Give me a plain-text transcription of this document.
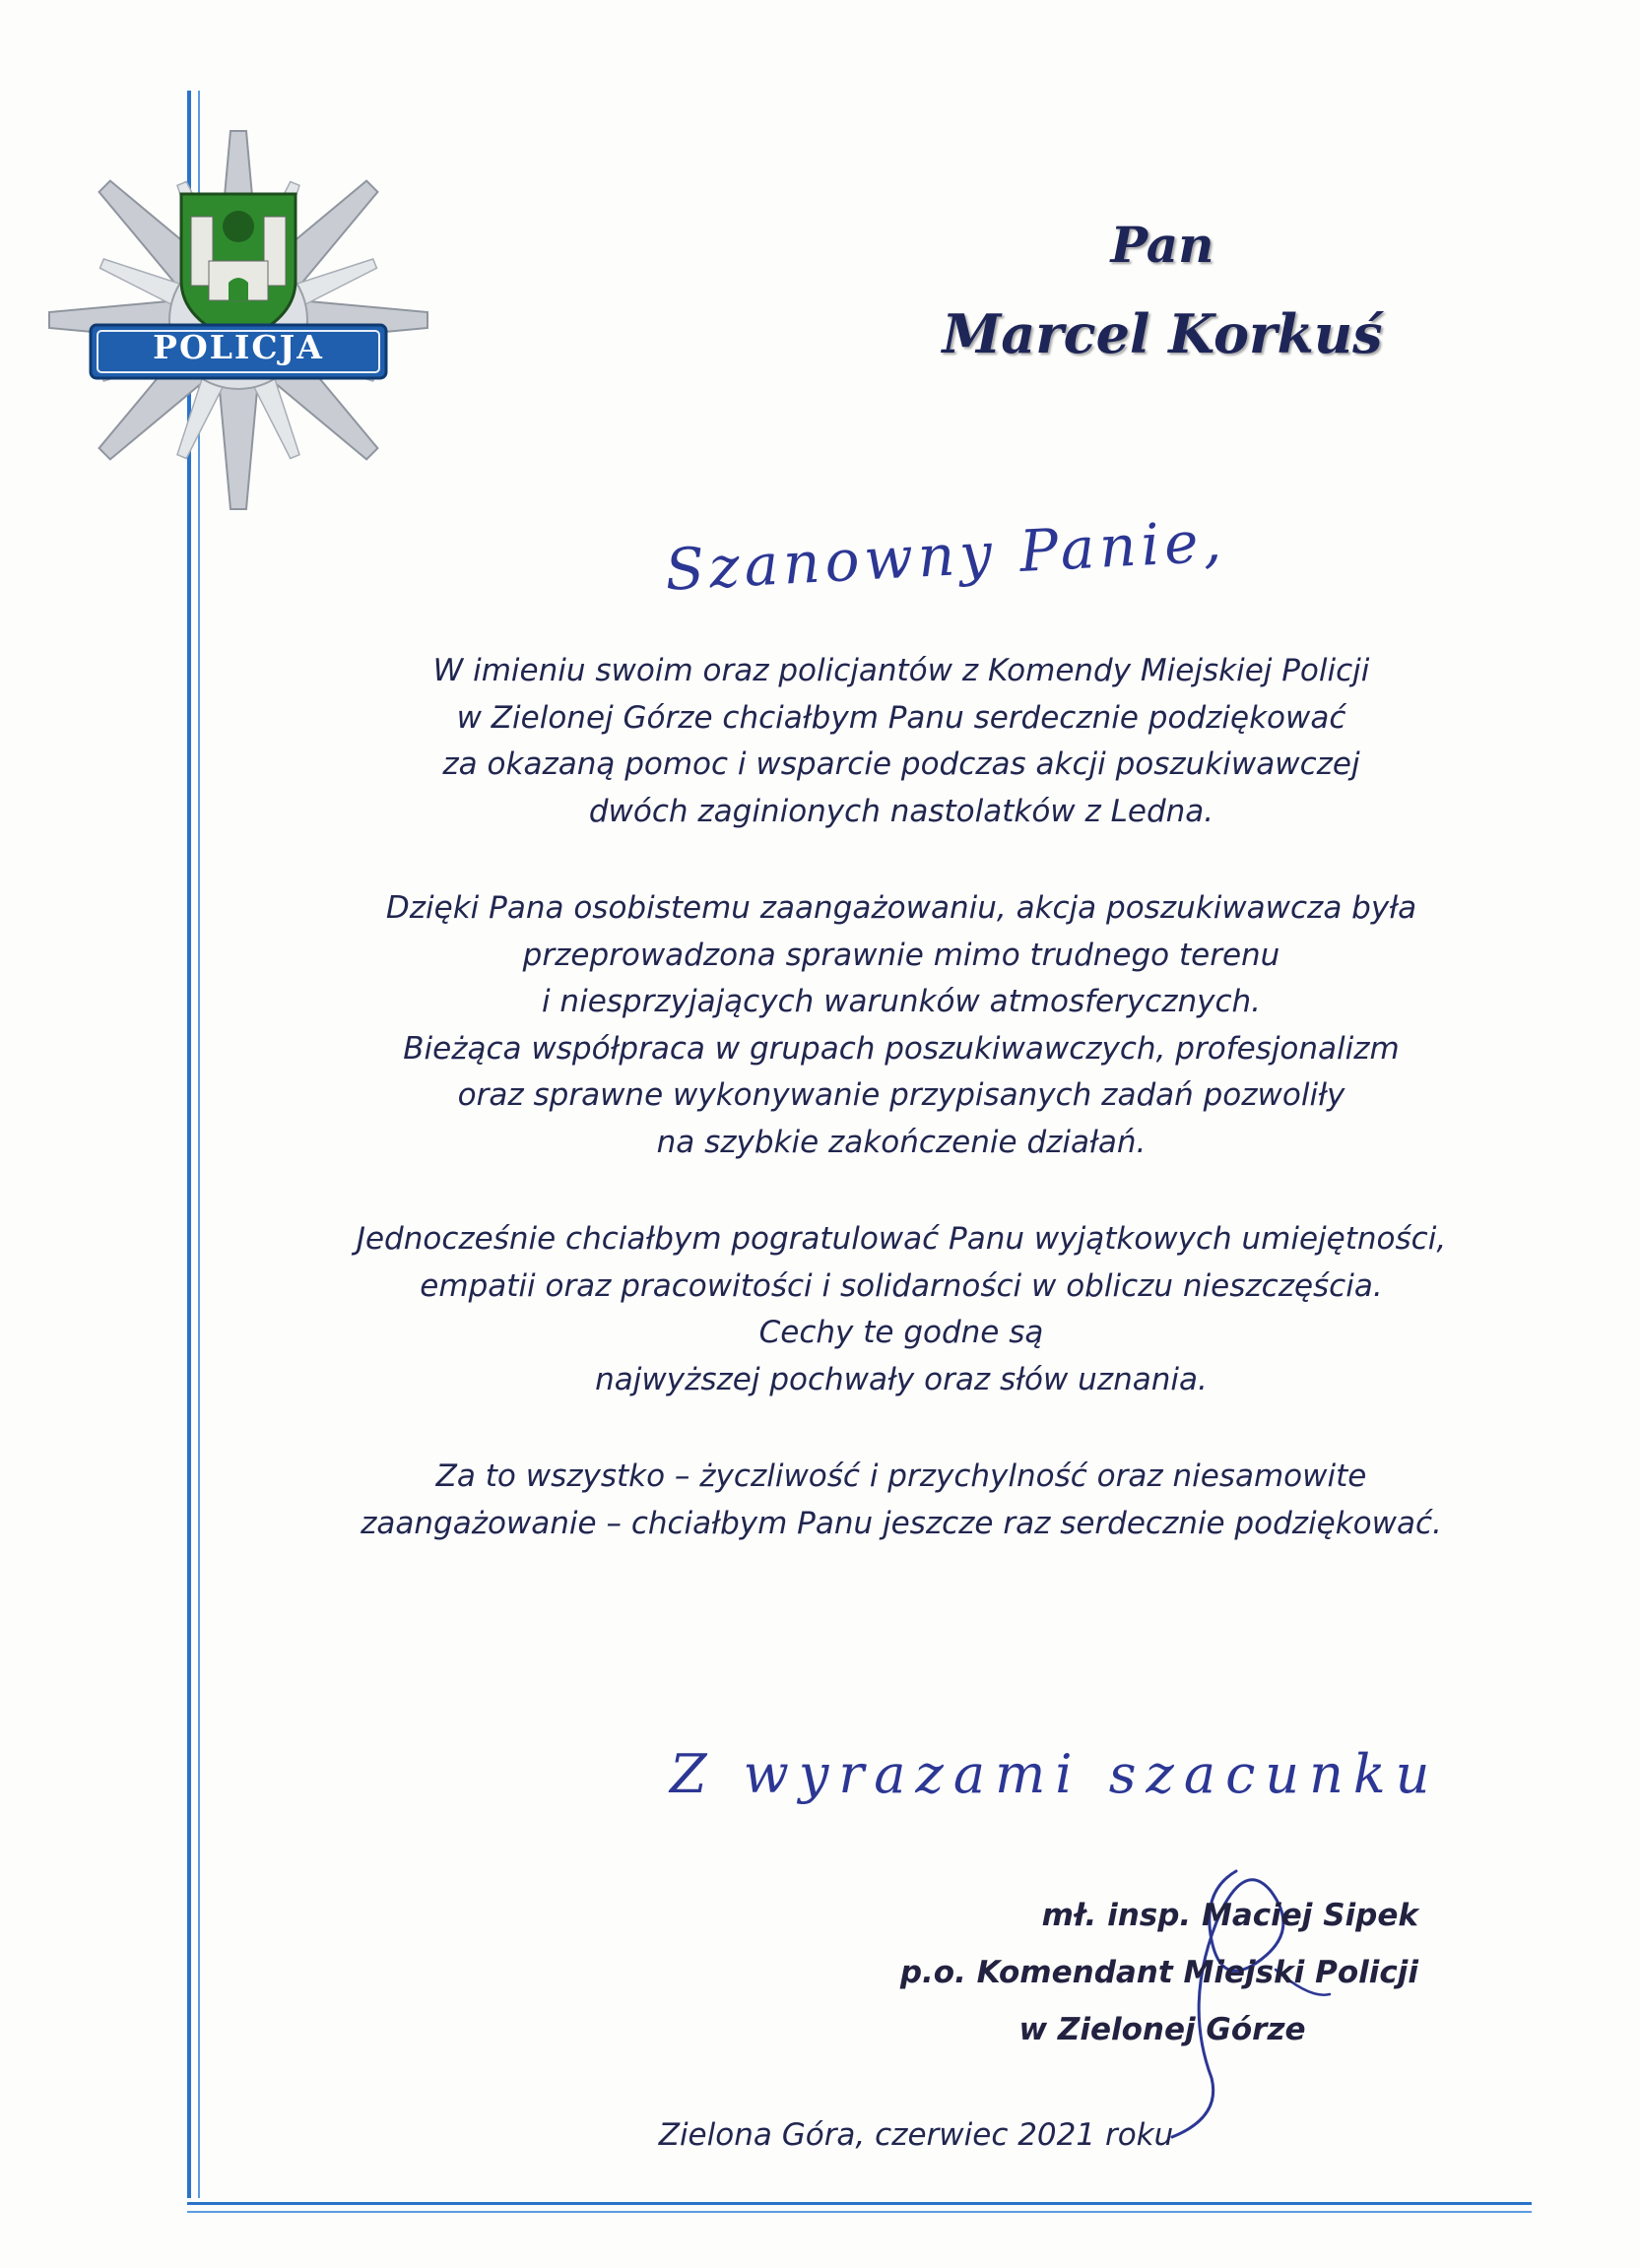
POLICJA
Pan
Marcel Korkuś
Szanowny Panie,

W imieniu swoim oraz policjantów z Komendy Miejskiej Policji
w Zielonej Górze chciałbym Panu serdecznie podziękować
za okazaną pomoc i wsparcie podczas akcji poszukiwawczej
dwóch zaginionych nastolatków z Ledna.

Dzięki Pana osobistemu zaangażowaniu, akcja poszukiwawcza była
przeprowadzona sprawnie mimo trudnego terenu
i niesprzyjających warunków atmosferycznych.
Bieżąca współpraca w grupach poszukiwawczych, profesjonalizm
oraz sprawne wykonywanie przypisanych zadań pozwoliły
na szybkie zakończenie działań.

Jednocześnie chciałbym pogratulować Panu wyjątkowych umiejętności,
empatii oraz pracowitości i solidarności w obliczu nieszczęścia.
Cechy te godne są
najwyższej pochwały oraz słów uznania.

Za to wszystko – życzliwość i przychylność oraz niesamowite
zaangażowanie – chciałbym Panu jeszcze raz serdecznie podziękować.

Z wyrazami szacunku
mł. insp. Maciej Sipek
p.o. Komendant Miejski Policji
w Zielonej Górze
Zielona Góra, czerwiec 2021 roku
